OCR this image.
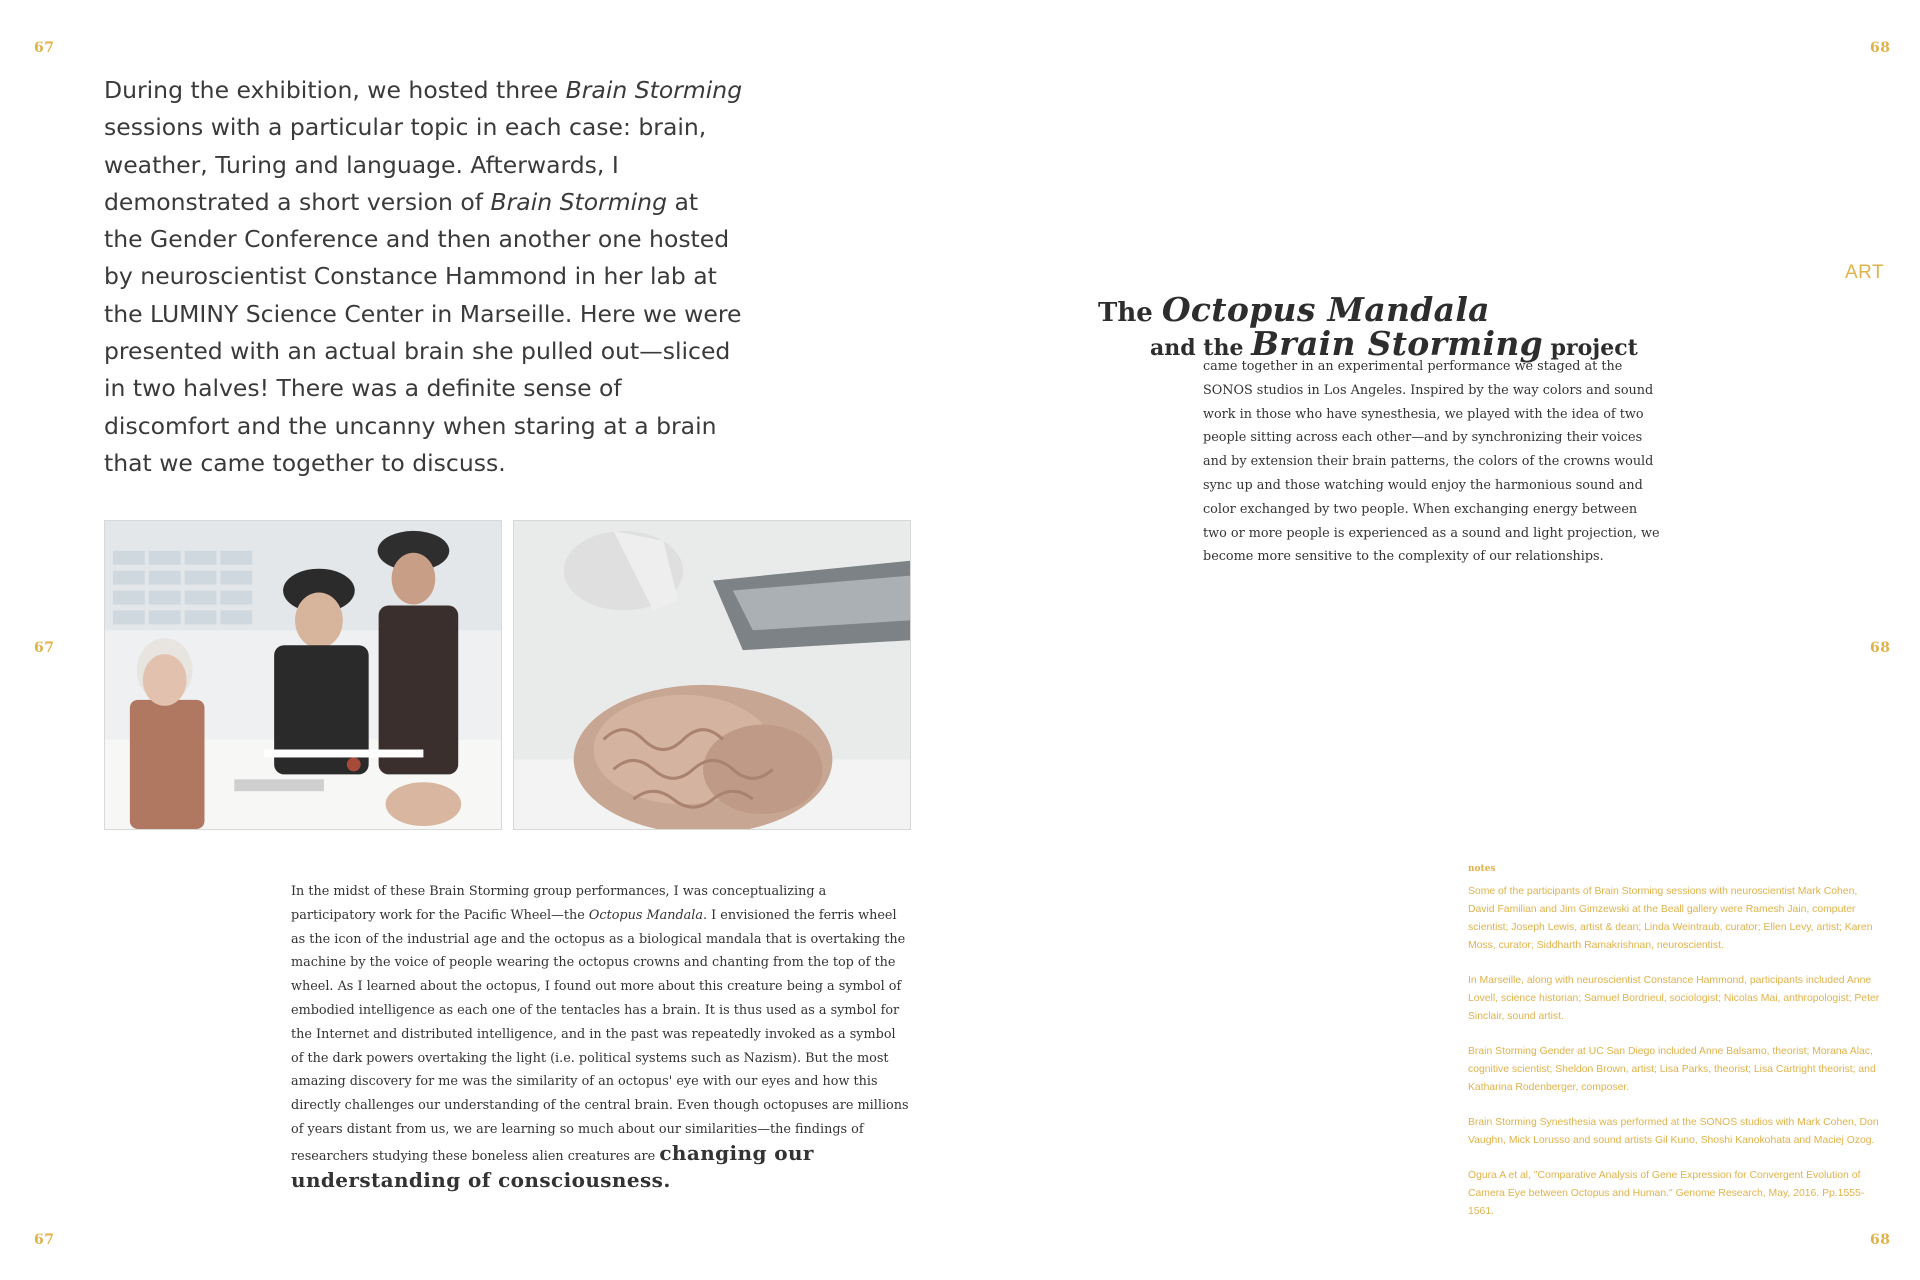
67
67
67
68
68
68

During the exhibition, we hosted three Brain Storming sessions with a particular topic in each case: brain, weather, Turing and language. Afterwards, I demonstrated a short version of Brain Storming at the Gender Conference and then another one hosted by neuroscientist Constance Hammond in her lab at the LUMINY Science Center in Marseille. Here we were presented with an actual brain she pulled out—sliced in two halves! There was a definite sense of discomfort and the uncanny when staring at a brain that we came together to discuss.

In the midst of these Brain Storming group performances, I was conceptualizing a participatory work for the Pacific Wheel—the Octopus Mandala. I envisioned the ferris wheel as the icon of the industrial age and the octopus as a biological mandala that is overtaking the machine by the voice of people wearing the octopus crowns and chanting from the top of the wheel. As I learned about the octopus, I found out more about this creature being a symbol of embodied intelligence as each one of the tentacles has a brain. It is thus used as a symbol for the Internet and distributed intelligence, and in the past was repeatedly invoked as a symbol of the dark powers overtaking the light (i.e. political systems such as Nazism). But the most amazing discovery for me was the similarity of an octopus' eye with our eyes and how this directly challenges our understanding of the central brain. Even though octopuses are millions of years distant from us, we are learning so much about our similarities—the findings of researchers studying these boneless alien creatures are changing our understanding of consciousness.

ART
The Octopus Mandala
and the Brain Storming project

came together in an experimental performance we staged at the SONOS studios in Los Angeles. Inspired by the way colors and sound work in those who have synesthesia, we played with the idea of two people sitting across each other—and by synchronizing their voices and by extension their brain patterns, the colors of the crowns would sync up and those watching would enjoy the harmonious sound and color exchanged by two people. When exchanging energy between two or more people is experienced as a sound and light projection, we become more sensitive to the complexity of our relationships.

notes

Some of the participants of Brain Storming sessions with neuroscientist Mark Cohen, David Familian and Jim Gimzewski at the Beall gallery were Ramesh Jain, computer scientist; Joseph Lewis, artist & dean; Linda Weintraub, curator; Ellen Levy, artist; Karen Moss, curator; Siddharth Ramakrishnan, neuroscientist.

In Marseille, along with neuroscientist Constance Hammond, participants included Anne Lovell, science historian; Samuel Bordrieul, sociologist; Nicolas Mai, anthropologist; Peter Sinclair, sound artist.

Brain Storming Gender at UC San Diego included Anne Balsamo, theorist; Morana Alac, cognitive scientist; Sheldon Brown, artist; Lisa Parks, theorist; Lisa Cartright theorist; and Katharina Rodenberger, composer.

Brain Storming Synesthesia was performed at the SONOS studios with Mark Cohen, Don Vaughn, Mick Lorusso and sound artists Gil Kuno, Shoshi Kanokohata and Maciej Ozog.

Ogura A et al, "Comparative Analysis of Gene Expression for Convergent Evolution of Camera Eye between Octopus and Human." Genome Research, May, 2016. Pp.1555-1561.
